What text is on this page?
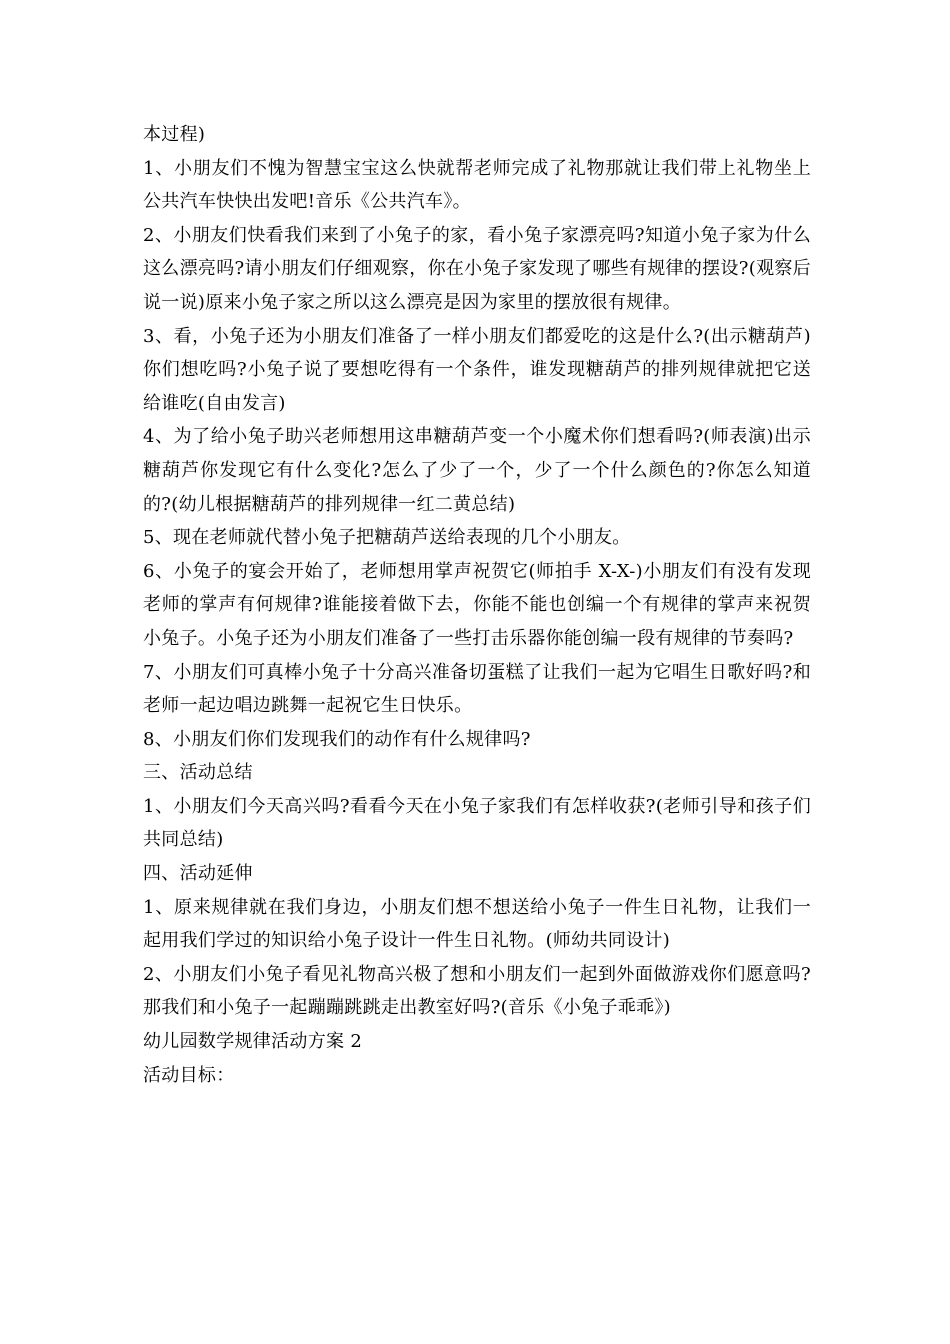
本过程)

1、小朋友们不愧为智慧宝宝这么快就帮老师完成了礼物那就让我们带上礼物坐上公共汽车快快出发吧!音乐《公共汽车》。

2、小朋友们快看我们来到了小兔子的家，看小兔子家漂亮吗?知道小兔子家为什么这么漂亮吗?请小朋友们仔细观察，你在小兔子家发现了哪些有规律的摆设?(观察后说一说)原来小兔子家之所以这么漂亮是因为家里的摆放很有规律。

3、看，小兔子还为小朋友们准备了一样小朋友们都爱吃的这是什么?(出示糖葫芦)你们想吃吗?小兔子说了要想吃得有一个条件，谁发现糖葫芦的排列规律就把它送给谁吃(自由发言)

4、为了给小兔子助兴老师想用这串糖葫芦变一个小魔术你们想看吗?(师表演)出示糖葫芦你发现它有什么变化?怎么了少了一个，少了一个什么颜色的?你怎么知道的?(幼儿根据糖葫芦的排列规律一红二黄总结)

5、现在老师就代替小兔子把糖葫芦送给表现的几个小朋友。

6、小兔子的宴会开始了，老师想用掌声祝贺它(师拍手 X-X-)小朋友们有没有发现老师的掌声有何规律?谁能接着做下去，你能不能也创编一个有规律的掌声来祝贺小兔子。小兔子还为小朋友们准备了一些打击乐器你能创编一段有规律的节奏吗?

7、小朋友们可真棒小兔子十分高兴准备切蛋糕了让我们一起为它唱生日歌好吗?和老师一起边唱边跳舞一起祝它生日快乐。

8、小朋友们你们发现我们的动作有什么规律吗?

三、活动总结

1、小朋友们今天高兴吗?看看今天在小兔子家我们有怎样收获?(老师引导和孩子们共同总结)

四、活动延伸

1、原来规律就在我们身边，小朋友们想不想送给小兔子一件生日礼物，让我们一起用我们学过的知识给小兔子设计一件生日礼物。(师幼共同设计)

2、小朋友们小兔子看见礼物高兴极了想和小朋友们一起到外面做游戏你们愿意吗?那我们和小兔子一起蹦蹦跳跳走出教室好吗?(音乐《小兔子乖乖》)

幼儿园数学规律活动方案 2

活动目标：
